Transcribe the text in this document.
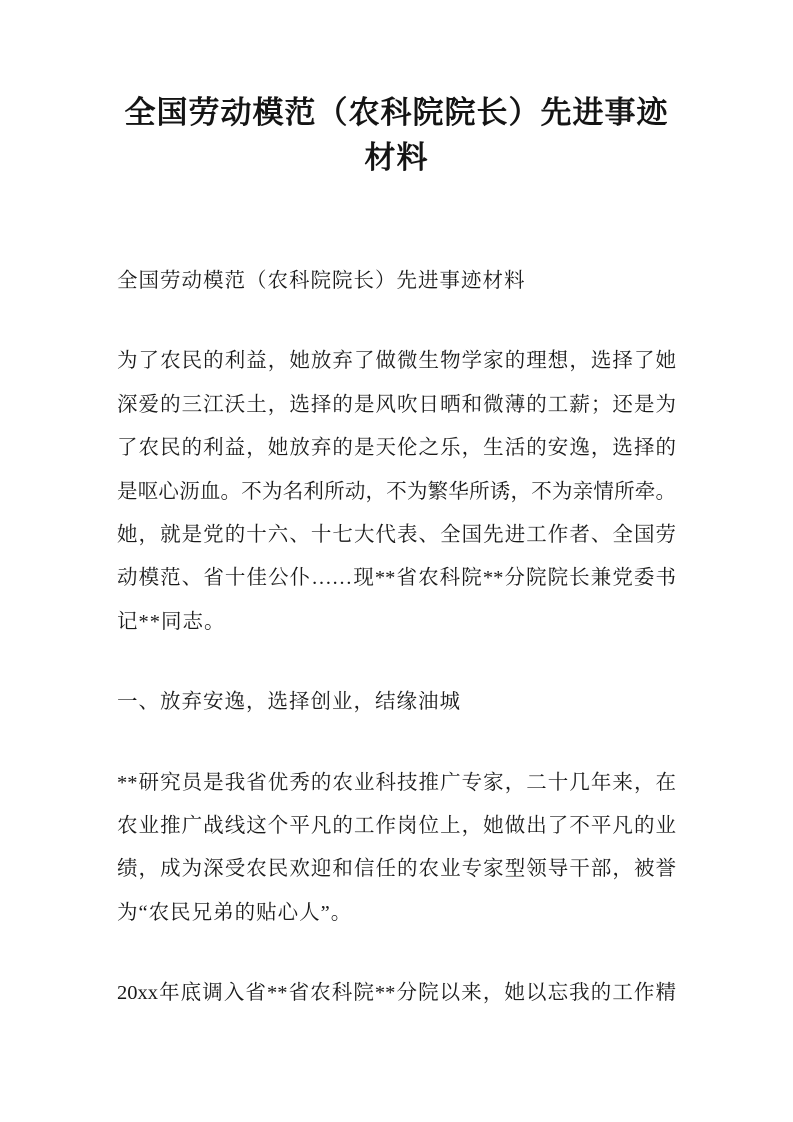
全国劳动模范（农科院院长）先进事迹
材料
全国劳动模范（农科院院长）先进事迹材料
为了农民的利益，她放弃了做微生物学家的理想，选择了她
深爱的三江沃土，选择的是风吹日晒和微薄的工薪；还是为
了农民的利益，她放弃的是天伦之乐，生活的安逸，选择的
是呕心沥血。不为名利所动，不为繁华所诱，不为亲情所牵。
她，就是党的十六、十七大代表、全国先进工作者、全国劳
动模范、省十佳公仆……现**省农科院**分院院长兼党委书
记**同志。
一、放弃安逸，选择创业，结缘油城
**研究员是我省优秀的农业科技推广专家，二十几年来，在
农业推广战线这个平凡的工作岗位上，她做出了不平凡的业
绩，成为深受农民欢迎和信任的农业专家型领导干部，被誉
为“农民兄弟的贴心人”。
20xx年底调入省**省农科院**分院以来，她以忘我的工作精
